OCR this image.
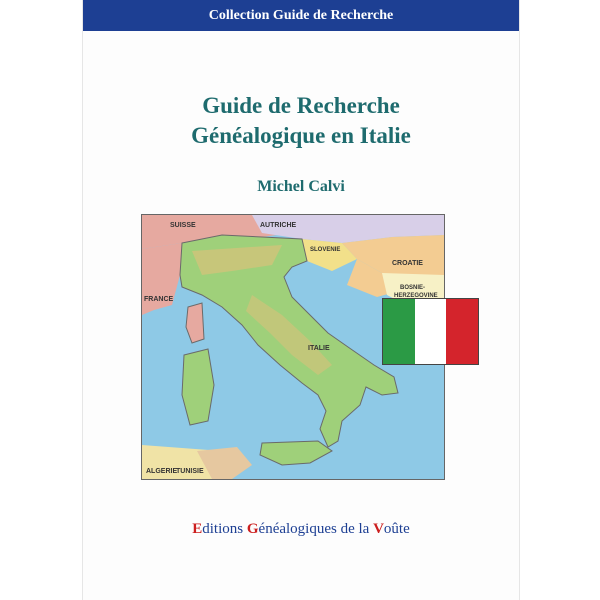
Collection Guide de Recherche
Guide de Recherche
Généalogique en Italie
Michel Calvi
SUISSE	AUTRICHE
SLOVENIE
CROATIE
BOSNIE-
HERZEGOVINE
FRANCE
ITALIE
ALGERIE
TUNISIE
Editions Généalogiques de la Voûte
